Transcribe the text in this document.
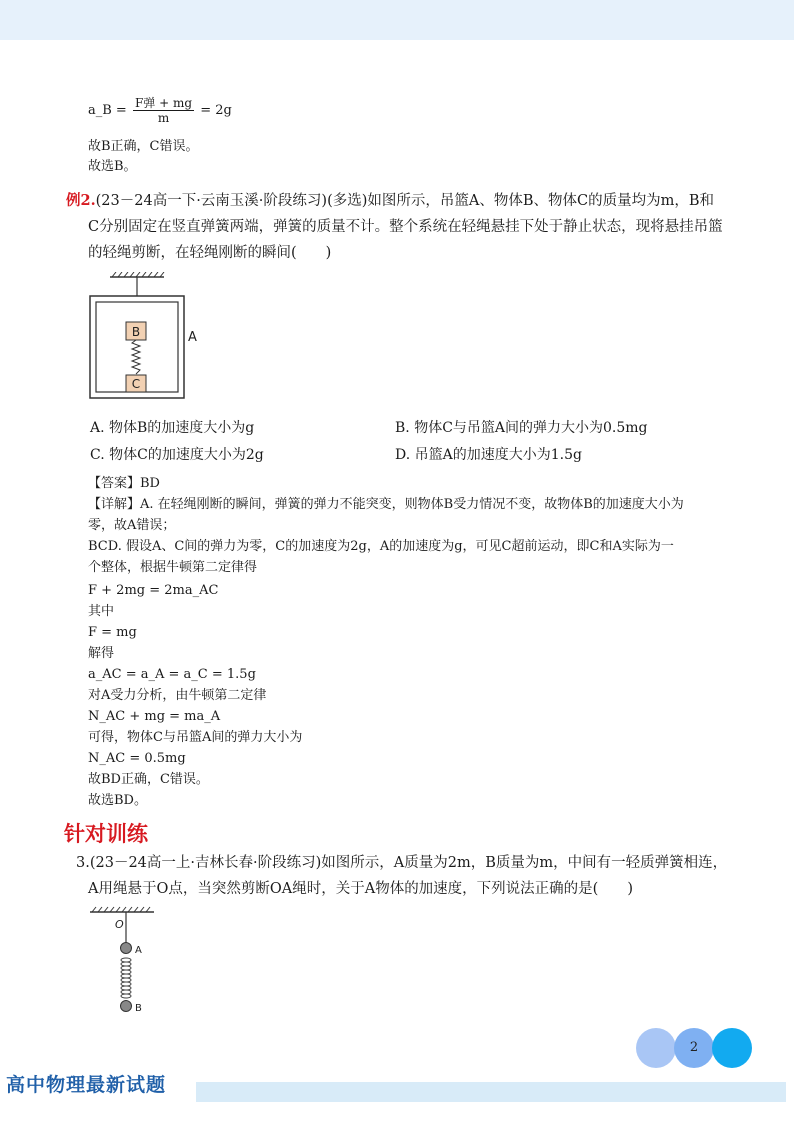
a_B = $\frac{\text{F弹 + mg}}{m} = 2g$
故B正确，C错误。
故选B。
例2.(23－24高一下·云南玉溪·阶段练习)(多选)如图所示，吊篮A、物体B、物体C的质量均为m，B和
C分别固定在竖直弹簧两端，弹簧的质量不计。整个系统在轻绳悬挂下处于静止状态，现将悬挂吊篮
的轻绳剪断，在轻绳刚断的瞬间(　　)
B
C
A
A. 物体B的加速度大小为g	B. 物体C与吊篮A间的弹力大小为0.5mg
C. 物体C的加速度大小为2g	D. 吊篮A的加速度大小为1.5g
【答案】BD
【详解】A. 在轻绳刚断的瞬间，弹簧的弹力不能突变，则物体B受力情况不变，故物体B的加速度大小为
零，故A错误；
BCD. 假设A、C间的弹力为零，C的加速度为2g，A的加速度为g，可见C超前运动，即C和A实际为一
个整体，根据牛顿第二定律得
F + 2mg = 2ma_AC
其中
F = mg
解得
a_AC = a_A = a_C = 1.5g
对A受力分析，由牛顿第二定律
N_AC + mg = ma_A
可得，物体C与吊篮A间的弹力大小为
N_AC = 0.5mg
故BD正确，C错误。
故选BD。
针对训练
3.(23－24高一上·吉林长春·阶段练习)如图所示，A质量为2m，B质量为m，中间有一轻质弹簧相连，
A用绳悬于O点，当突然剪断OA绳时，关于A物体的加速度，下列说法正确的是(　　)
O
A
B
2
高中物理最新试题
